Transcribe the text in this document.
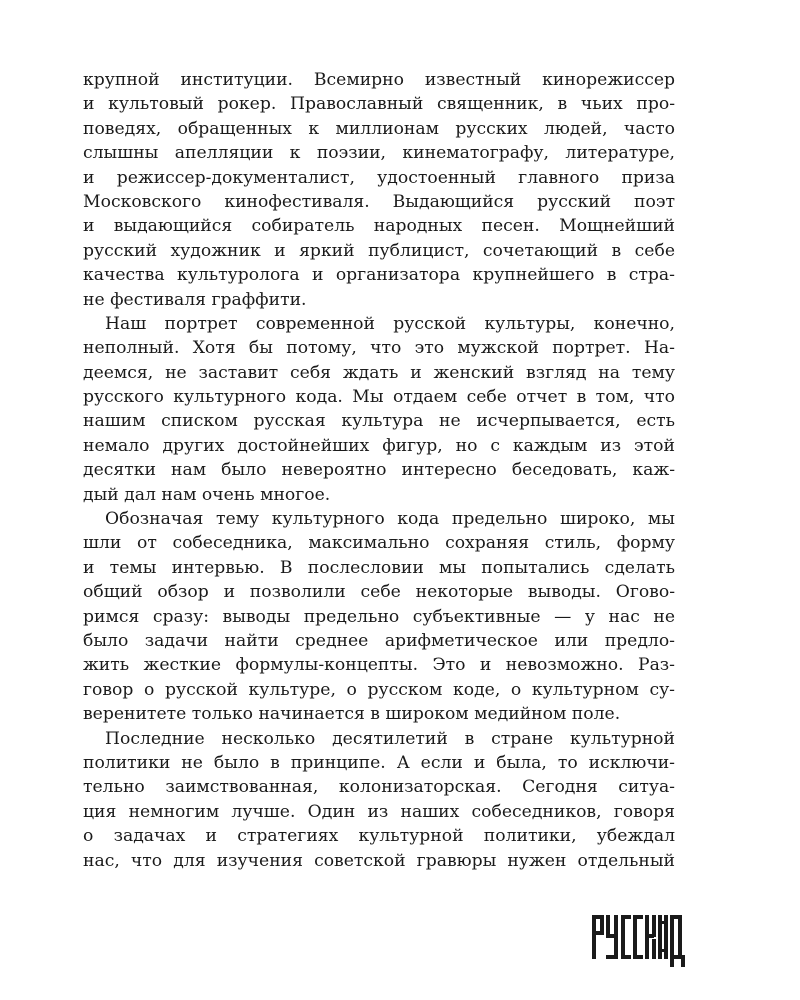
крупной институции. Всемирно известный кинорежиссер
и культовый рокер. Православный священник, в чьих про-
поведях, обращенных к миллионам русских людей, часто
слышны апелляции к поэзии, кинематографу, литературе,
и режиссер-документалист, удостоенный главного приза
Московского кинофестиваля. Выдающийся русский поэт
и выдающийся собиратель народных песен. Мощнейший
русский художник и яркий публицист, сочетающий в себе
качества культуролога и организатора крупнейшего в стра-
не фестиваля граффити.
Наш портрет современной русской культуры, конечно,
неполный. Хотя бы потому, что это мужской портрет. На-
деемся, не заставит себя ждать и женский взгляд на тему
русского культурного кода. Мы отдаем себе отчет в том, что
нашим списком русская культура не исчерпывается, есть
немало других достойнейших фигур, но с каждым из этой
десятки нам было невероятно интересно беседовать, каж-
дый дал нам очень многое.
Обозначая тему культурного кода предельно широко, мы
шли от собеседника, максимально сохраняя стиль, форму
и темы интервью. В послесловии мы попытались сделать
общий обзор и позволили себе некоторые выводы. Огово-
римся сразу: выводы предельно субъективные — у нас не
было задачи найти среднее арифметическое или предло-
жить жесткие формулы-концепты. Это и невозможно. Раз-
говор о русской культуре, о русском коде, о культурном су-
веренитете только начинается в широком медийном поле.
Последние несколько десятилетий в стране культурной
политики не было в принципе. А если и была, то исключи-
тельно заимствованная, колонизаторская. Сегодня ситуа-
ция немногим лучше. Один из наших собеседников, говоря
о задачах и стратегиях культурной политики, убеждал
нас, что для изучения советской гравюры нужен отдельный
